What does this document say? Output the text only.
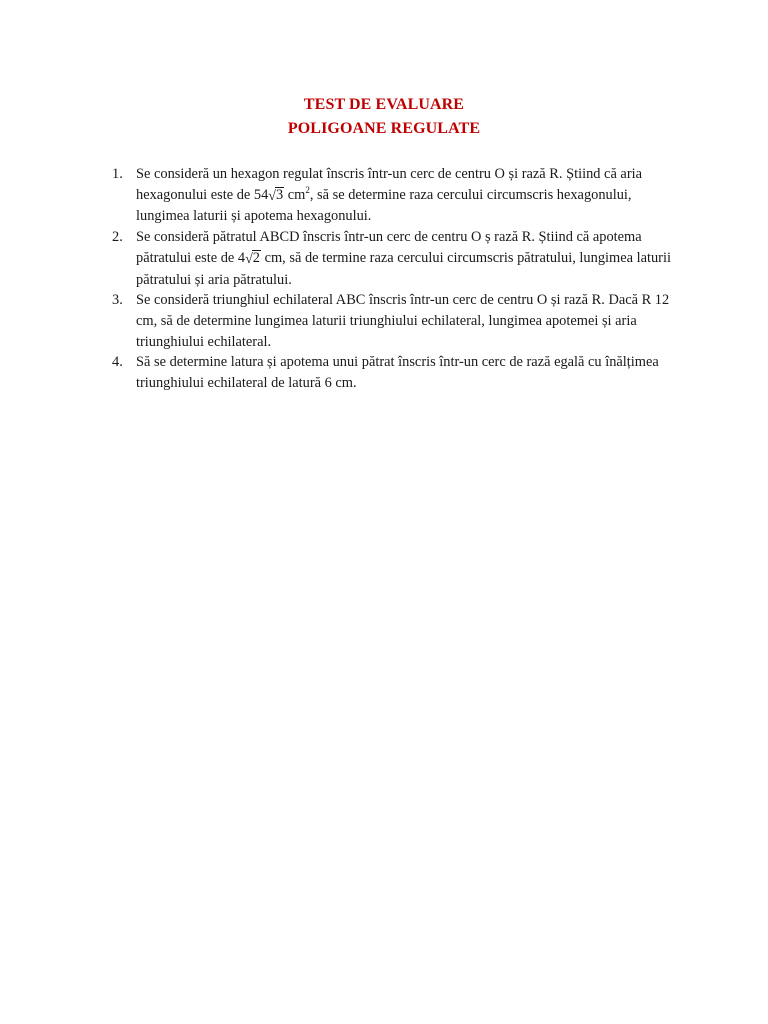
TEST DE EVALUARE
POLIGOANE REGULATE
1. Se consideră un hexagon regulat înscris într-un cerc de centru O și rază R. Știind că aria hexagonului este de 54√3 $cm^2$, să se determine raza cercului circumscris hexagonului, lungimea laturii și apotema hexagonului.
2. Se consideră pătratul ABCD înscris într-un cerc de centru O ș rază R. Știind că apotema pătratului este de 4√2 cm, să de termine raza cercului circumscris pătratului, lungimea laturii pătratului și aria pătratului.
3. Se consideră triunghiul echilateral ABC înscris într-un cerc de centru O și rază R. Dacă R 12 cm, să de determine lungimea laturii triunghiului echilateral, lungimea apotemei și aria triunghiului echilateral.
4. Să se determine latura și apotema unui pătrat înscris într-un cerc de rază egală cu înălțimea triunghiului echilateral de latură 6 cm.
